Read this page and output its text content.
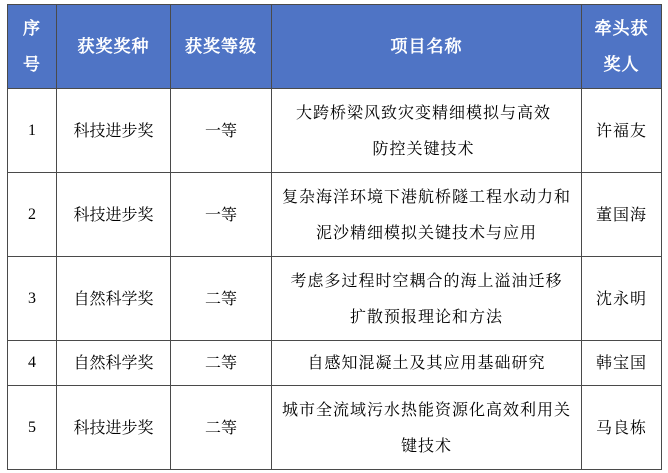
序号	获奖奖种	获奖等级	项目名称	牵头获奖人
1	科技进步奖	一等	大跨桥梁风致灾变精细模拟与高效防控关键技术	许福友
2	科技进步奖	一等	复杂海洋环境下港航桥隧工程水动力和泥沙精细模拟关键技术与应用	董国海
3	自然科学奖	二等	考虑多过程时空耦合的海上溢油迁移扩散预报理论和方法	沈永明
4	自然科学奖	二等	自感知混凝土及其应用基础研究	韩宝国
5	科技进步奖	二等	城市全流域污水热能资源化高效利用关键技术	马良栋
